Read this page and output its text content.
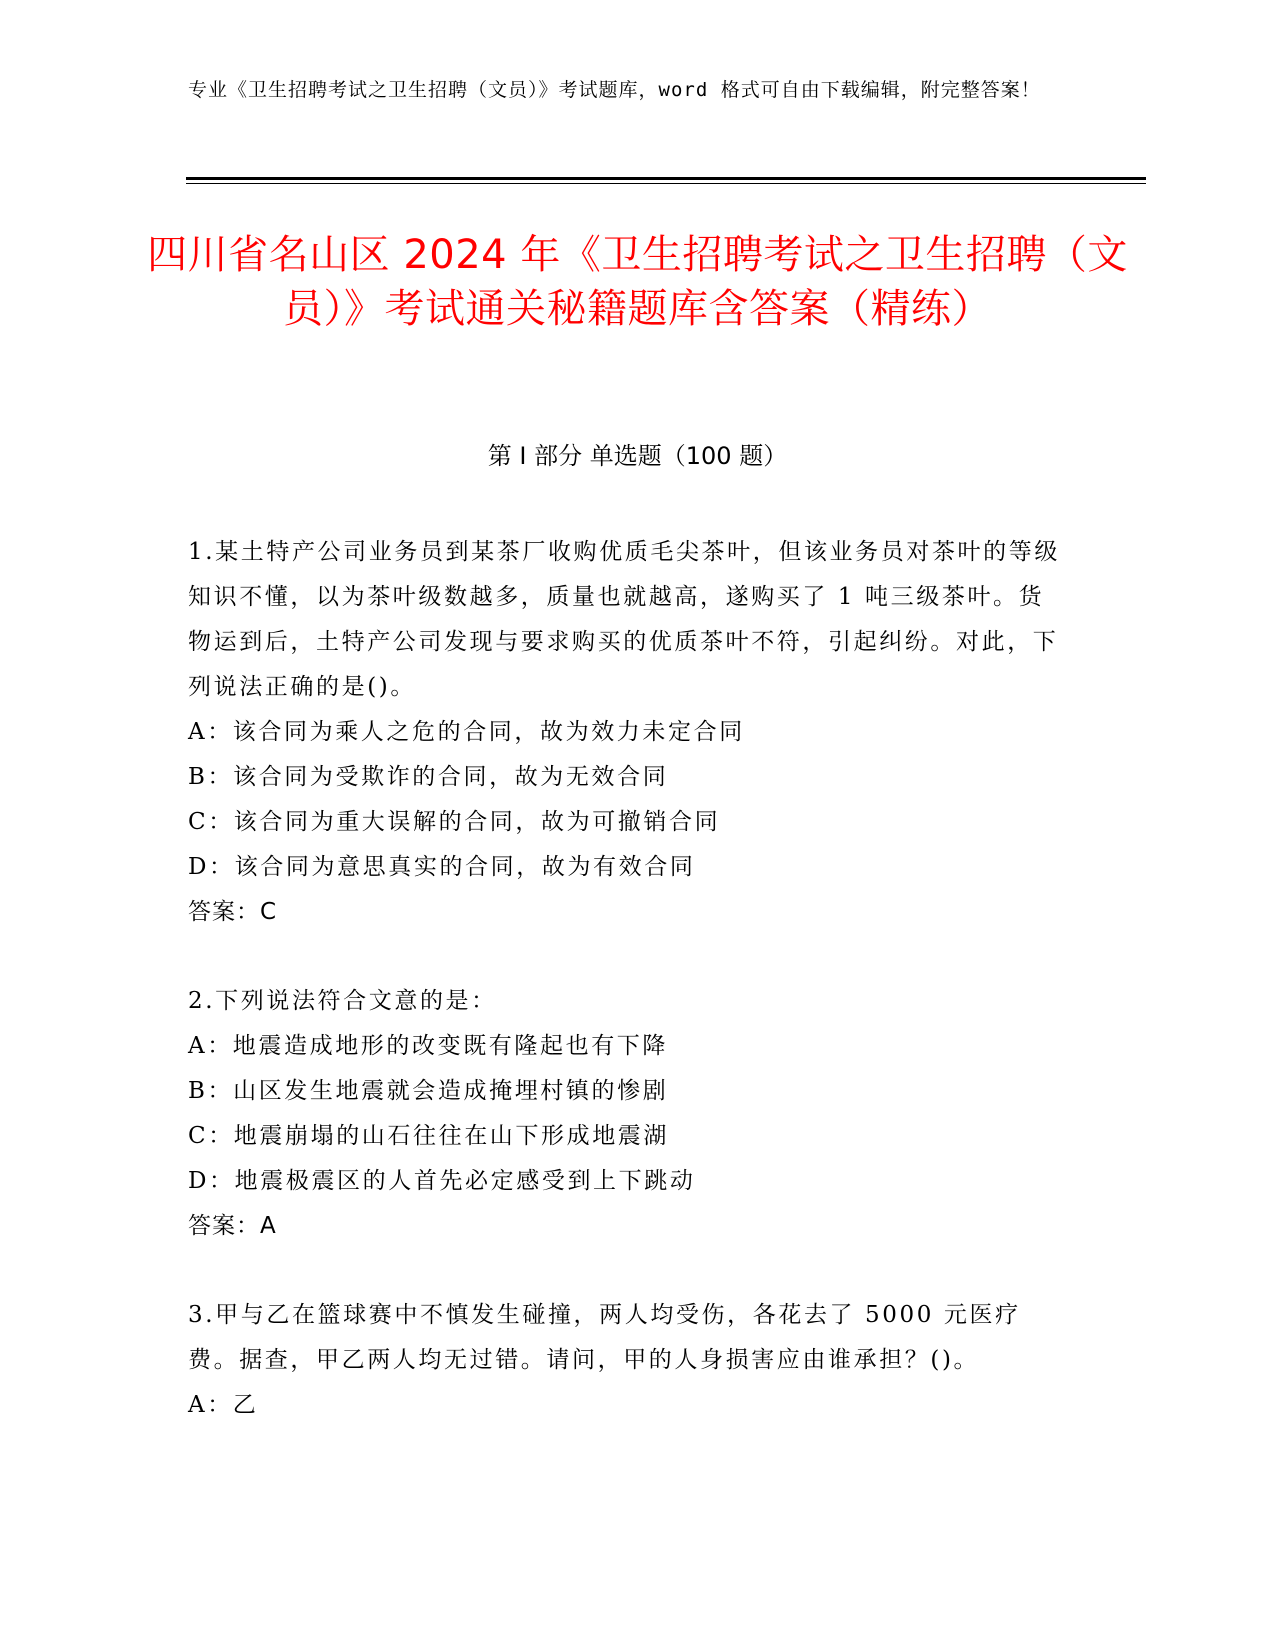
专业《卫生招聘考试之卫生招聘（文员）》考试题库，word 格式可自由下载编辑，附完整答案！
四川省名山区 2024 年《卫生招聘考试之卫生招聘（文员）》考试通关秘籍题库含答案（精练）
第 I 部分 单选题（100 题）
1.某土特产公司业务员到某茶厂收购优质毛尖茶叶，但该业务员对茶叶的等级知识不懂，以为茶叶级数越多，质量也就越高，遂购买了 1 吨三级茶叶。货物运到后，土特产公司发现与要求购买的优质茶叶不符，引起纠纷。对此，下列说法正确的是()。
A：该合同为乘人之危的合同，故为效力未定合同
B：该合同为受欺诈的合同，故为无效合同
C：该合同为重大误解的合同，故为可撤销合同
D：该合同为意思真实的合同，故为有效合同
答案：C
2.下列说法符合文意的是：
A：地震造成地形的改变既有隆起也有下降
B：山区发生地震就会造成掩埋村镇的惨剧
C：地震崩塌的山石往往在山下形成地震湖
D：地震极震区的人首先必定感受到上下跳动
答案：A
3.甲与乙在篮球赛中不慎发生碰撞，两人均受伤，各花去了 5000 元医疗费。据查，甲乙两人均无过错。请问，甲的人身损害应由谁承担？()。
A：乙
